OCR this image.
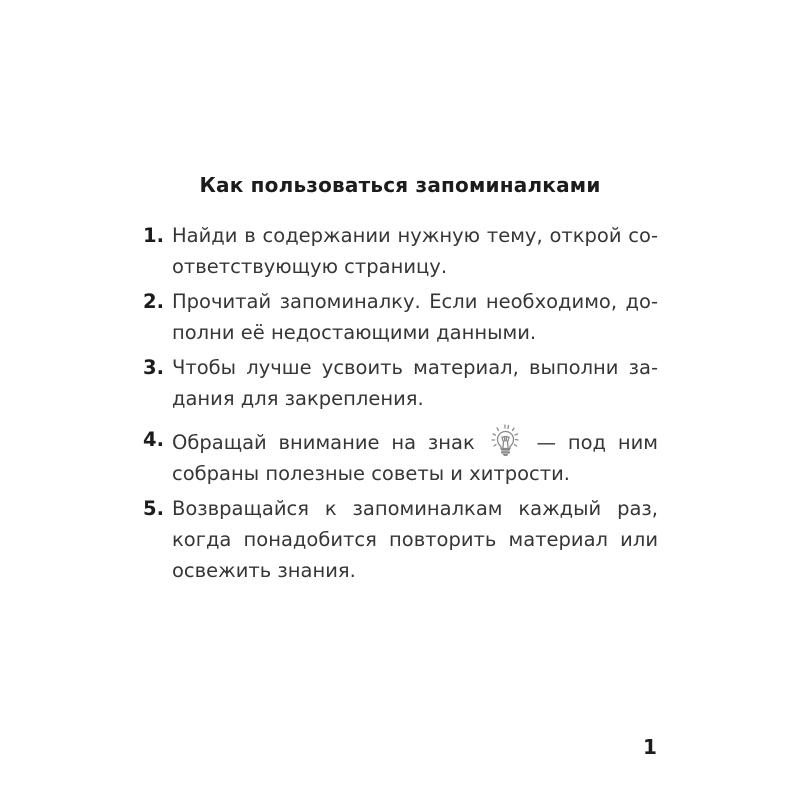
Как пользоваться запоминалками
1. Найди в содержании нужную тему, открой со-
ответствующую страницу.
2. Прочитай запоминалку. Если необходимо, до-
полни её недостающими данными.
3. Чтобы лучше усвоить материал, выполни за-
дания для закрепления.
4. Обращай внимание на знак	— под ним
собраны полезные советы и хитрости.
5. Возвращайся к запоминалкам каждый раз,
когда понадобится повторить материал или
освежить знания.
1
